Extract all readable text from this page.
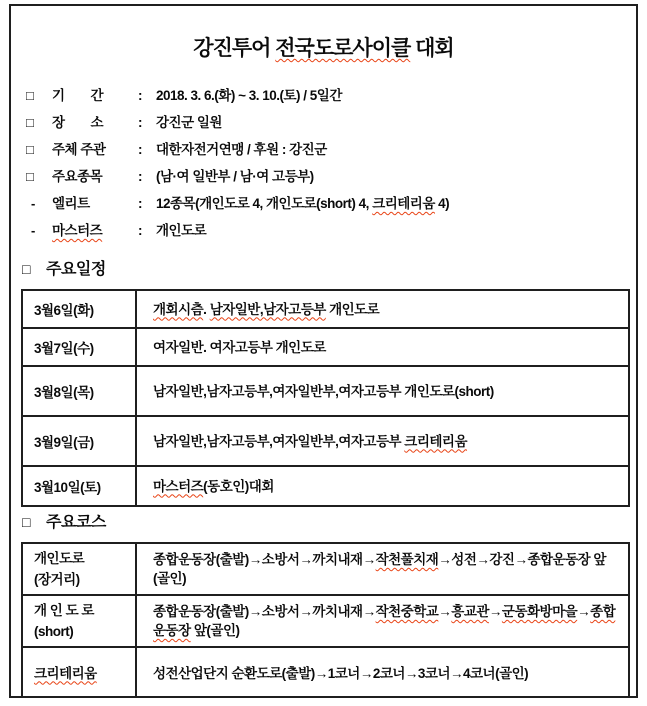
강진투어 전국도로사이클 대회
□	기　　간	:	2018. 3. 6.(화) ~ 3. 10.(토) / 5일간
□	장　　소	:	강진군 일원
□	주체 주관	:	대한자전거연맹 / 후원 : 강진군
□	주요종목	:	(남·여 일반부 / 남·여 고등부)
-	엘리트	:	12종목(개인도로 4, 개인도로(short) 4, 크리테리움 4)
-	마스터즈	:	개인도로
□	주요일정
3월6일(화)	개회시츰. 남자일반,남자고등부 개인도로
3월7일(수)	여자일반. 여자고등부 개인도로
3월8일(목)	남자일반,남자고등부,여자일반부,여자고등부 개인도로(short)
3월9일(금)	남자일반,남자고등부,여자일반부,여자고등부 크리테리움
3월10일(토)	마스터즈(동호인)대회
□	주요코스
개인도로
(장거리)	종합운동장(출발)→소방서→까치내재→작천풀치재→성전→강진→종합운동장 앞(골인)

개 인 도 로
(short)	종합운동장(출발)→소방서→까치내재→작천중학교→흥교관→군동화방마을→종합운동장 앞(골인)

크리테리움	성전산업단지 순환도로(출발)→1코너→2코너→3코너→4코너(골인)
